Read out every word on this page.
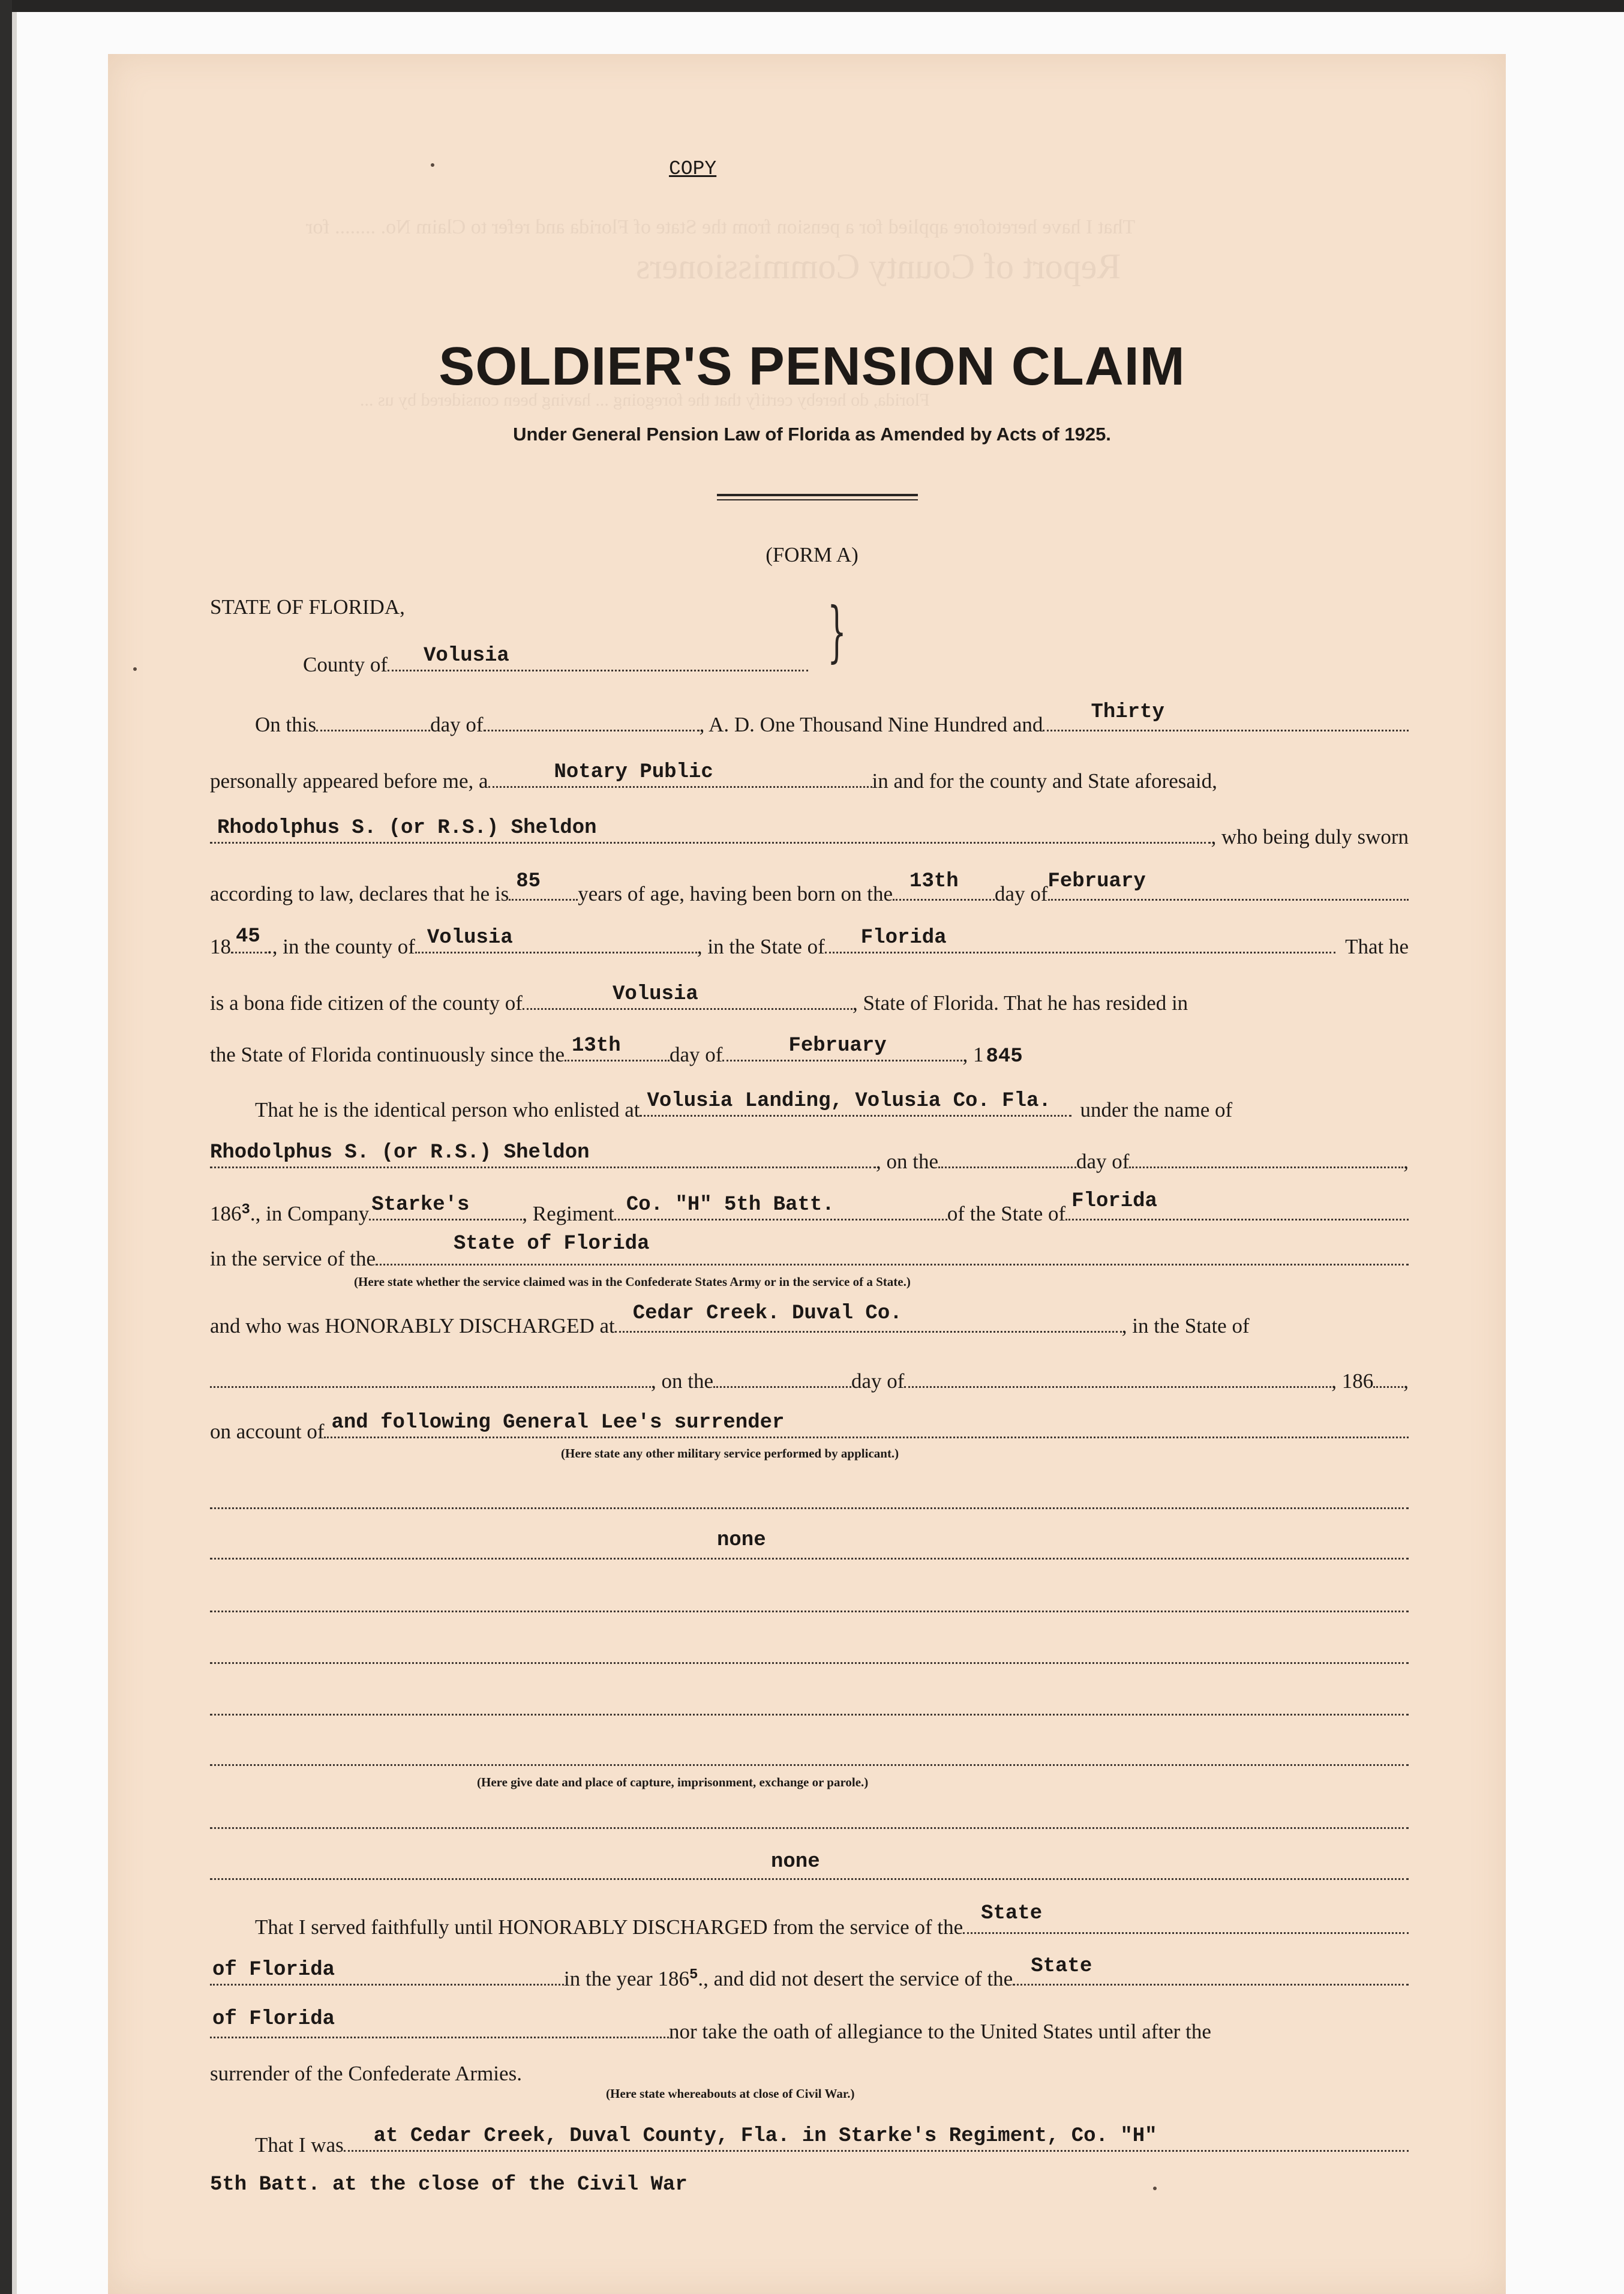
That I have heretofore applied for a pension from the State of Florida and refer to Claim No. ........ for
Report of County Commissioners
Florida, do hereby certify that the foregoing ... having been considered by us ...
COPY
SOLDIER'S PENSION CLAIM
Under General Pension Law of Florida as Amended by Acts of 1925.
(FORM A)
STATE OF FLORIDA,	}
County of Volusia
On this	day of	, A. D. One Thousand Nine Hundred and
Thirty
personally appeared before me, a	Notary Public	in and for the county and State aforesaid,
Rhodolphus S. (or R.S.) Sheldon	, who being duly sworn
according to law, declares that he is
85
years of age, having been born on the
13th
day of
February
18 45 ., in the county of Volusia	, in the State of Florida	That he
is a bona fide citizen of the county of	Volusia	, State of Florida. That he has resided in
the State of Florida continuously since the 13th day of	February	, 1 845
That he is the identical person who enlisted at Volusia Landing, Volusia Co. Fla. under the name of
Rhodolphus S. (or R.S.) Sheldon	, on the	day of	,
186 3 ., in Company Starke's	, Regiment Co. "H" 5th Batt.	of the State of
Florida
in the service of the
State of Florida
(Here state whether the service claimed was in the Confederate States Army or in the service of a State.)
and who was HONORABLY DISCHARGED at
Cedar Creek. Duval Co.
, in the State of
, on the	day of	, 186 ,
on account of and following General Lee's surrender
(Here state any other military service performed by applicant.)
none
(Here give date and place of capture, imprisonment, exchange or parole.)
none
That I served faithfully until HONORABLY DISCHARGED from the service of the
State
of Florida	in the year 186 5 ., and did not desert the service of the
State
of Florida
nor take the oath of allegiance to the United States until after the
surrender of the Confederate Armies.
(Here state whereabouts at close of Civil War.)
That I was at Cedar Creek, Duval County, Fla. in Starke's Regiment, Co. "H"
5th Batt. at the close of the Civil War
